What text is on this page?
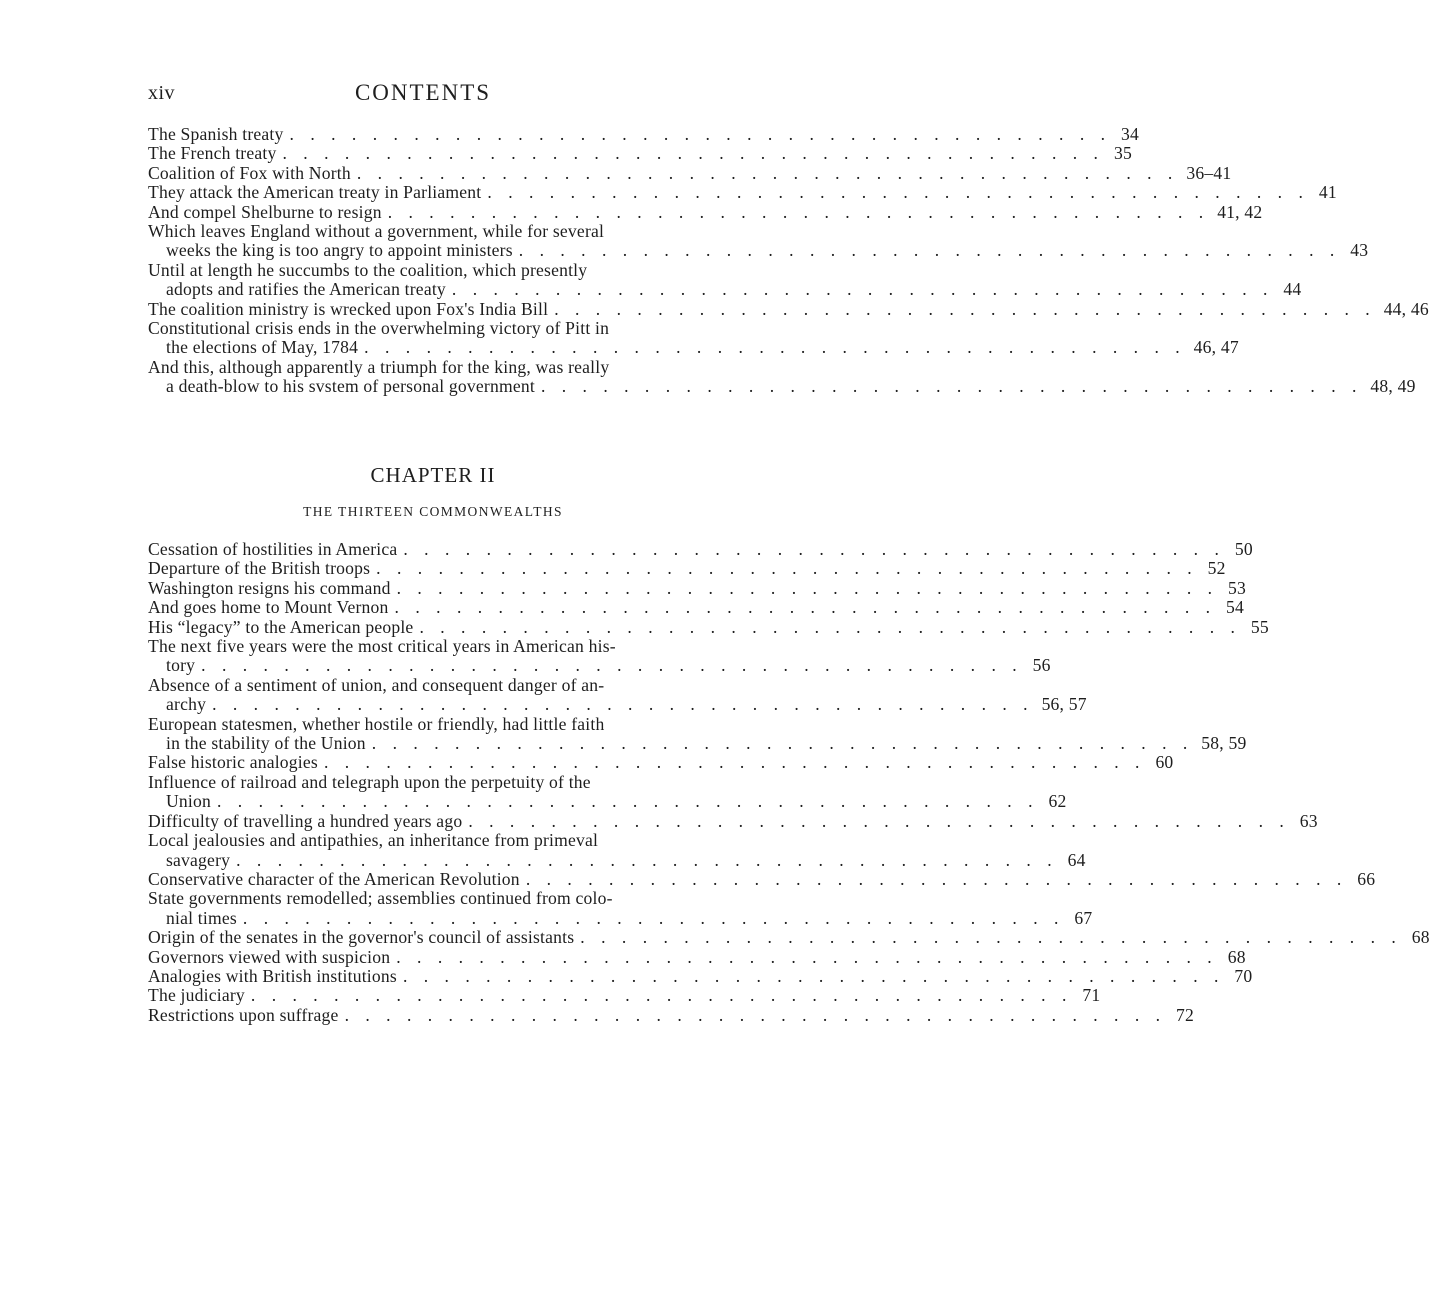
xiv	CONTENTS
The Spanish treaty . . . . . . . . . . . . . . . . . . . . . . . . . . . . . . . . . . . . . . . . 34
The French treaty . . . . . . . . . . . . . . . . . . . . . . . . . . . . . . . . . . . . . . . . 35
Coalition of Fox with North . . . . . . . . . . . . . . . . . . . . . . . . . . . . . . . . . . . . . . . . 36–41
They attack the American treaty in Parliament . . . . . . . . . . . . . . . . . . . . . . . . . . . . . . . . . . . . . . . . 41
And compel Shelburne to resign . . . . . . . . . . . . . . . . . . . . . . . . . . . . . . . . . . . . . . . . 41, 42
Which leaves England without a government, while for several
weeks the king is too angry to appoint ministers . . . . . . . . . . . . . . . . . . . . . . . . . . . . . . . . . . . . . . . . 43
Until at length he succumbs to the coalition, which presently
adopts and ratifies the American treaty . . . . . . . . . . . . . . . . . . . . . . . . . . . . . . . . . . . . . . . . 44
The coalition ministry is wrecked upon Fox's India Bill . . . . . . . . . . . . . . . . . . . . . . . . . . . . . . . . . . . . . . . . 44, 46
Constitutional crisis ends in the overwhelming victory of Pitt in
the elections of May, 1784 . . . . . . . . . . . . . . . . . . . . . . . . . . . . . . . . . . . . . . . . 46, 47
And this, although apparently a triumph for the king, was really
a death-blow to his svstem of personal government . . . . . . . . . . . . . . . . . . . . . . . . . . . . . . . . . . . . . . . . 48, 49
CHAPTER II
THE THIRTEEN COMMONWEALTHS
Cessation of hostilities in America . . . . . . . . . . . . . . . . . . . . . . . . . . . . . . . . . . . . . . . . 50
Departure of the British troops . . . . . . . . . . . . . . . . . . . . . . . . . . . . . . . . . . . . . . . . 52
Washington resigns his command . . . . . . . . . . . . . . . . . . . . . . . . . . . . . . . . . . . . . . . . 53
And goes home to Mount Vernon . . . . . . . . . . . . . . . . . . . . . . . . . . . . . . . . . . . . . . . . 54
His “legacy” to the American people . . . . . . . . . . . . . . . . . . . . . . . . . . . . . . . . . . . . . . . . 55
The next five years were the most critical years in American his-
tory . . . . . . . . . . . . . . . . . . . . . . . . . . . . . . . . . . . . . . . . 56
Absence of a sentiment of union, and consequent danger of an-
archy . . . . . . . . . . . . . . . . . . . . . . . . . . . . . . . . . . . . . . . . 56, 57
European statesmen, whether hostile or friendly, had little faith
in the stability of the Union . . . . . . . . . . . . . . . . . . . . . . . . . . . . . . . . . . . . . . . . 58, 59
False historic analogies . . . . . . . . . . . . . . . . . . . . . . . . . . . . . . . . . . . . . . . . 60
Influence of railroad and telegraph upon the perpetuity of the
Union . . . . . . . . . . . . . . . . . . . . . . . . . . . . . . . . . . . . . . . . 62
Difficulty of travelling a hundred years ago . . . . . . . . . . . . . . . . . . . . . . . . . . . . . . . . . . . . . . . . 63
Local jealousies and antipathies, an inheritance from primeval
savagery . . . . . . . . . . . . . . . . . . . . . . . . . . . . . . . . . . . . . . . . 64
Conservative character of the American Revolution . . . . . . . . . . . . . . . . . . . . . . . . . . . . . . . . . . . . . . . . 66
State governments remodelled; assemblies continued from colo-
nial times . . . . . . . . . . . . . . . . . . . . . . . . . . . . . . . . . . . . . . . . 67
Origin of the senates in the governor's council of assistants . . . . . . . . . . . . . . . . . . . . . . . . . . . . . . . . . . . . . . . . 68
Governors viewed with suspicion . . . . . . . . . . . . . . . . . . . . . . . . . . . . . . . . . . . . . . . . 68
Analogies with British institutions . . . . . . . . . . . . . . . . . . . . . . . . . . . . . . . . . . . . . . . . 70
The judiciary . . . . . . . . . . . . . . . . . . . . . . . . . . . . . . . . . . . . . . . . 71
Restrictions upon suffrage . . . . . . . . . . . . . . . . . . . . . . . . . . . . . . . . . . . . . . . . 72
